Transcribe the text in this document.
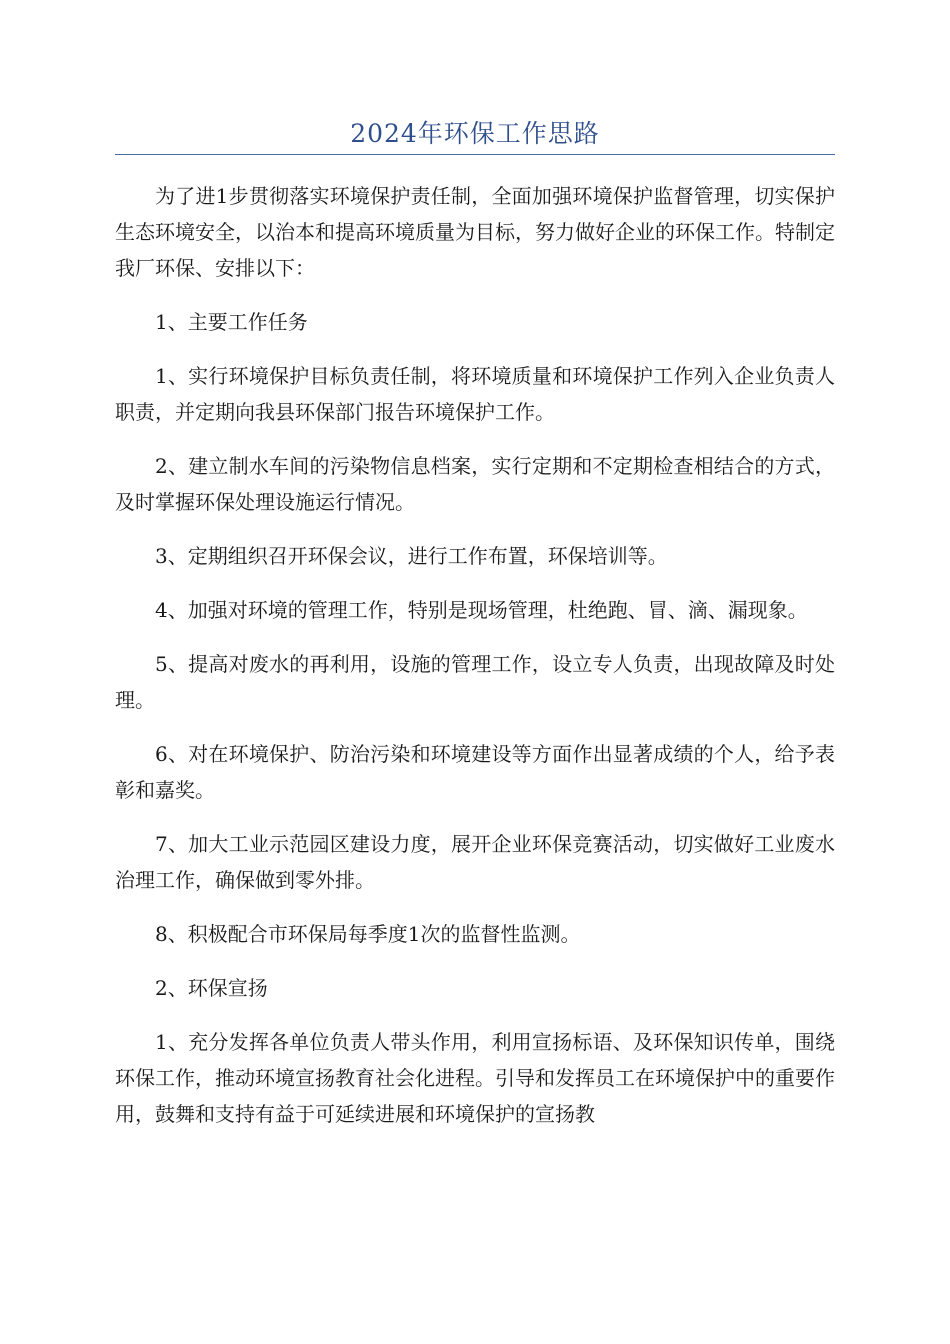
2024年环保工作思路

为了进1步贯彻落实环境保护责任制，全面加强环境保护监督管理，切实保护生态环境安全，以治本和提高环境质量为目标，努力做好企业的环保工作。特制定我厂环保、安排以下：

1、主要工作任务

1、实行环境保护目标负责任制，将环境质量和环境保护工作列入企业负责人职责，并定期向我县环保部门报告环境保护工作。

2、建立制水车间的污染物信息档案，实行定期和不定期检查相结合的方式，及时掌握环保处理设施运行情况。

3、定期组织召开环保会议，进行工作布置，环保培训等。

4、加强对环境的管理工作，特别是现场管理，杜绝跑、冒、滴、漏现象。

5、提高对废水的再利用，设施的管理工作，设立专人负责，出现故障及时处理。

6、对在环境保护、防治污染和环境建设等方面作出显著成绩的个人，给予表彰和嘉奖。

7、加大工业示范园区建设力度，展开企业环保竞赛活动，切实做好工业废水治理工作，确保做到零外排。

8、积极配合市环保局每季度1次的监督性监测。

2、环保宣扬

1、充分发挥各单位负责人带头作用，利用宣扬标语、及环保知识传单，围绕环保工作，推动环境宣扬教育社会化进程。引导和发挥员工在环境保护中的重要作用，鼓舞和支持有益于可延续进展和环境保护的宣扬教
